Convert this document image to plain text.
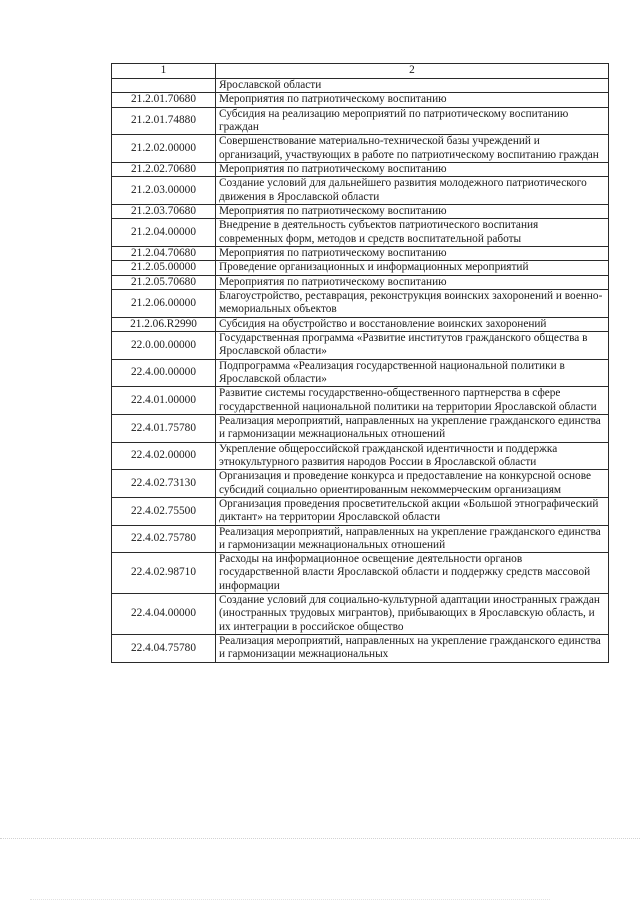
1	2
	Ярославской области
21.2.01.70680	Мероприятия по патриотическому воспитанию
21.2.01.74880	Субсидия на реализацию мероприятий по патриотическому воспитанию граждан
21.2.02.00000	Совершенствование материально-технической базы учреждений и организаций, участвующих в работе по патриотическому воспитанию граждан
21.2.02.70680	Мероприятия по патриотическому воспитанию
21.2.03.00000	Создание условий для дальнейшего развития молодежного патриотического движения в Ярославской области
21.2.03.70680	Мероприятия по патриотическому воспитанию
21.2.04.00000	Внедрение в деятельность субъектов патриотического воспитания современных форм, методов и средств воспитательной работы
21.2.04.70680	Мероприятия по патриотическому воспитанию
21.2.05.00000	Проведение организационных и информационных мероприятий
21.2.05.70680	Мероприятия по патриотическому воспитанию
21.2.06.00000	Благоустройство, реставрация, реконструкция воинских захоронений и военно-мемориальных объектов
21.2.06.R2990	Субсидия на обустройство и восстановление воинских захоронений
22.0.00.00000	Государственная программа «Развитие институтов гражданского общества в Ярославской области»
22.4.00.00000	Подпрограмма «Реализация государственной национальной политики в Ярославской области»
22.4.01.00000	Развитие системы государственно-общественного партнерства в сфере государственной национальной политики на территории Ярославской области
22.4.01.75780	Реализация мероприятий, направленных на укрепление гражданского единства и гармонизации межнациональных отношений
22.4.02.00000	Укрепление общероссийской гражданской идентичности и поддержка этнокультурного развития народов России в Ярославской области
22.4.02.73130	Организация и проведение конкурса и предоставление на конкурсной основе субсидий социально ориентированным некоммерческим организациям
22.4.02.75500	Организация проведения просветительской акции «Большой этнографический диктант» на территории Ярославской области
22.4.02.75780	Реализация мероприятий, направленных на укрепление гражданского единства и гармонизации межнациональных отношений
22.4.02.98710	Расходы на информационное освещение деятельности органов государственной власти Ярославской области и поддержку средств массовой информации
22.4.04.00000	Создание условий для социально-культурной адаптации иностранных граждан (иностранных трудовых мигрантов), прибывающих в Ярославскую область, и их интеграции в российское общество
22.4.04.75780	Реализация мероприятий, направленных на укрепление гражданского единства и гармонизации межнациональных
